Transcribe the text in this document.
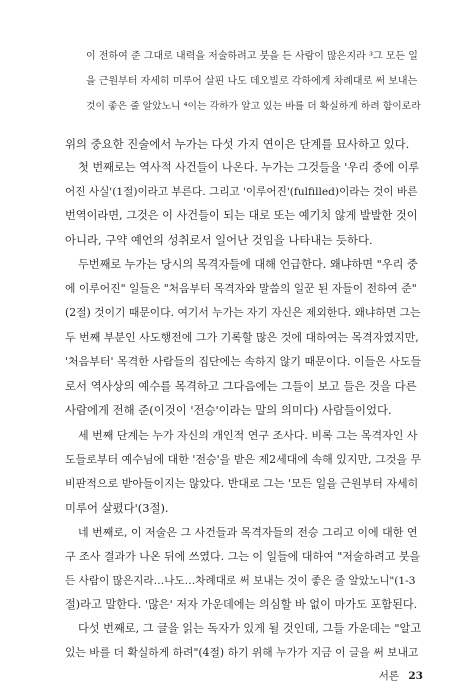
이 전하여 준 그대로 내력을 저술하려고 붓을 든 사람이 많은지라 ³그 모든 일
을 근원부터 자세히 미루어 살핀 나도 데오빌로 각하에게 차례대로 써 보내는
것이 좋은 줄 알았노니 ⁴이는 각하가 알고 있는 바를 더 확실하게 하려 함이로라
위의 중요한 진술에서 누가는 다섯 가지 연이은 단계를 묘사하고 있다.
첫 번째로는 역사적 사건들이 나온다. 누가는 그것들을 '우리 중에 이루
어진 사실'(1절)이라고 부른다. 그리고 '이루어진'(fulfilled)이라는 것이 바른
번역이라면, 그것은 이 사건들이 되는 대로 또는 예기치 않게 발발한 것이
아니라, 구약 예언의 성취로서 일어난 것임을 나타내는 듯하다.
두번째로 누가는 당시의 목격자들에 대해 언급한다. 왜냐하면 "우리 중
에 이루어진" 일들은 "처음부터 목격자와 말씀의 일꾼 된 자들이 전하여 준"
(2절) 것이기 때문이다. 여기서 누가는 자기 자신은 제외한다. 왜냐하면 그는
두 번째 부분인 사도행전에 그가 기록할 많은 것에 대하여는 목격자였지만,
'처음부터' 목격한 사람들의 집단에는 속하지 않기 때문이다. 이들은 사도들
로서 역사상의 예수를 목격하고 그다음에는 그들이 보고 들은 것을 다른
사람에게 전해 준(이것이 '전승'이라는 말의 의미다) 사람들이었다.
세 번째 단계는 누가 자신의 개인적 연구 조사다. 비록 그는 목격자인 사
도들로부터 예수님에 대한 '전승'을 받은 제2세대에 속해 있지만, 그것을 무
비판적으로 받아들이지는 않았다. 반대로 그는 '모든 일을 근원부터 자세히
미루어 살폈다'(3절).
네 번째로, 이 저술은 그 사건들과 목격자들의 전승 그리고 이에 대한 연
구 조사 결과가 나온 뒤에 쓰였다. 그는 이 일들에 대하여 "저술하려고 붓을
든 사람이 많은지라…나도…차례대로 써 보내는 것이 좋은 줄 알았노니"(1-3
절)라고 말한다. '많은' 저자 가운데에는 의심할 바 없이 마가도 포함된다.
다섯 번째로, 그 글을 읽는 독자가 있게 될 것인데, 그들 가운데는 "알고
있는 바를 더 확실하게 하려"(4절) 하기 위해 누가가 지금 이 글을 써 보내고
서론 23
